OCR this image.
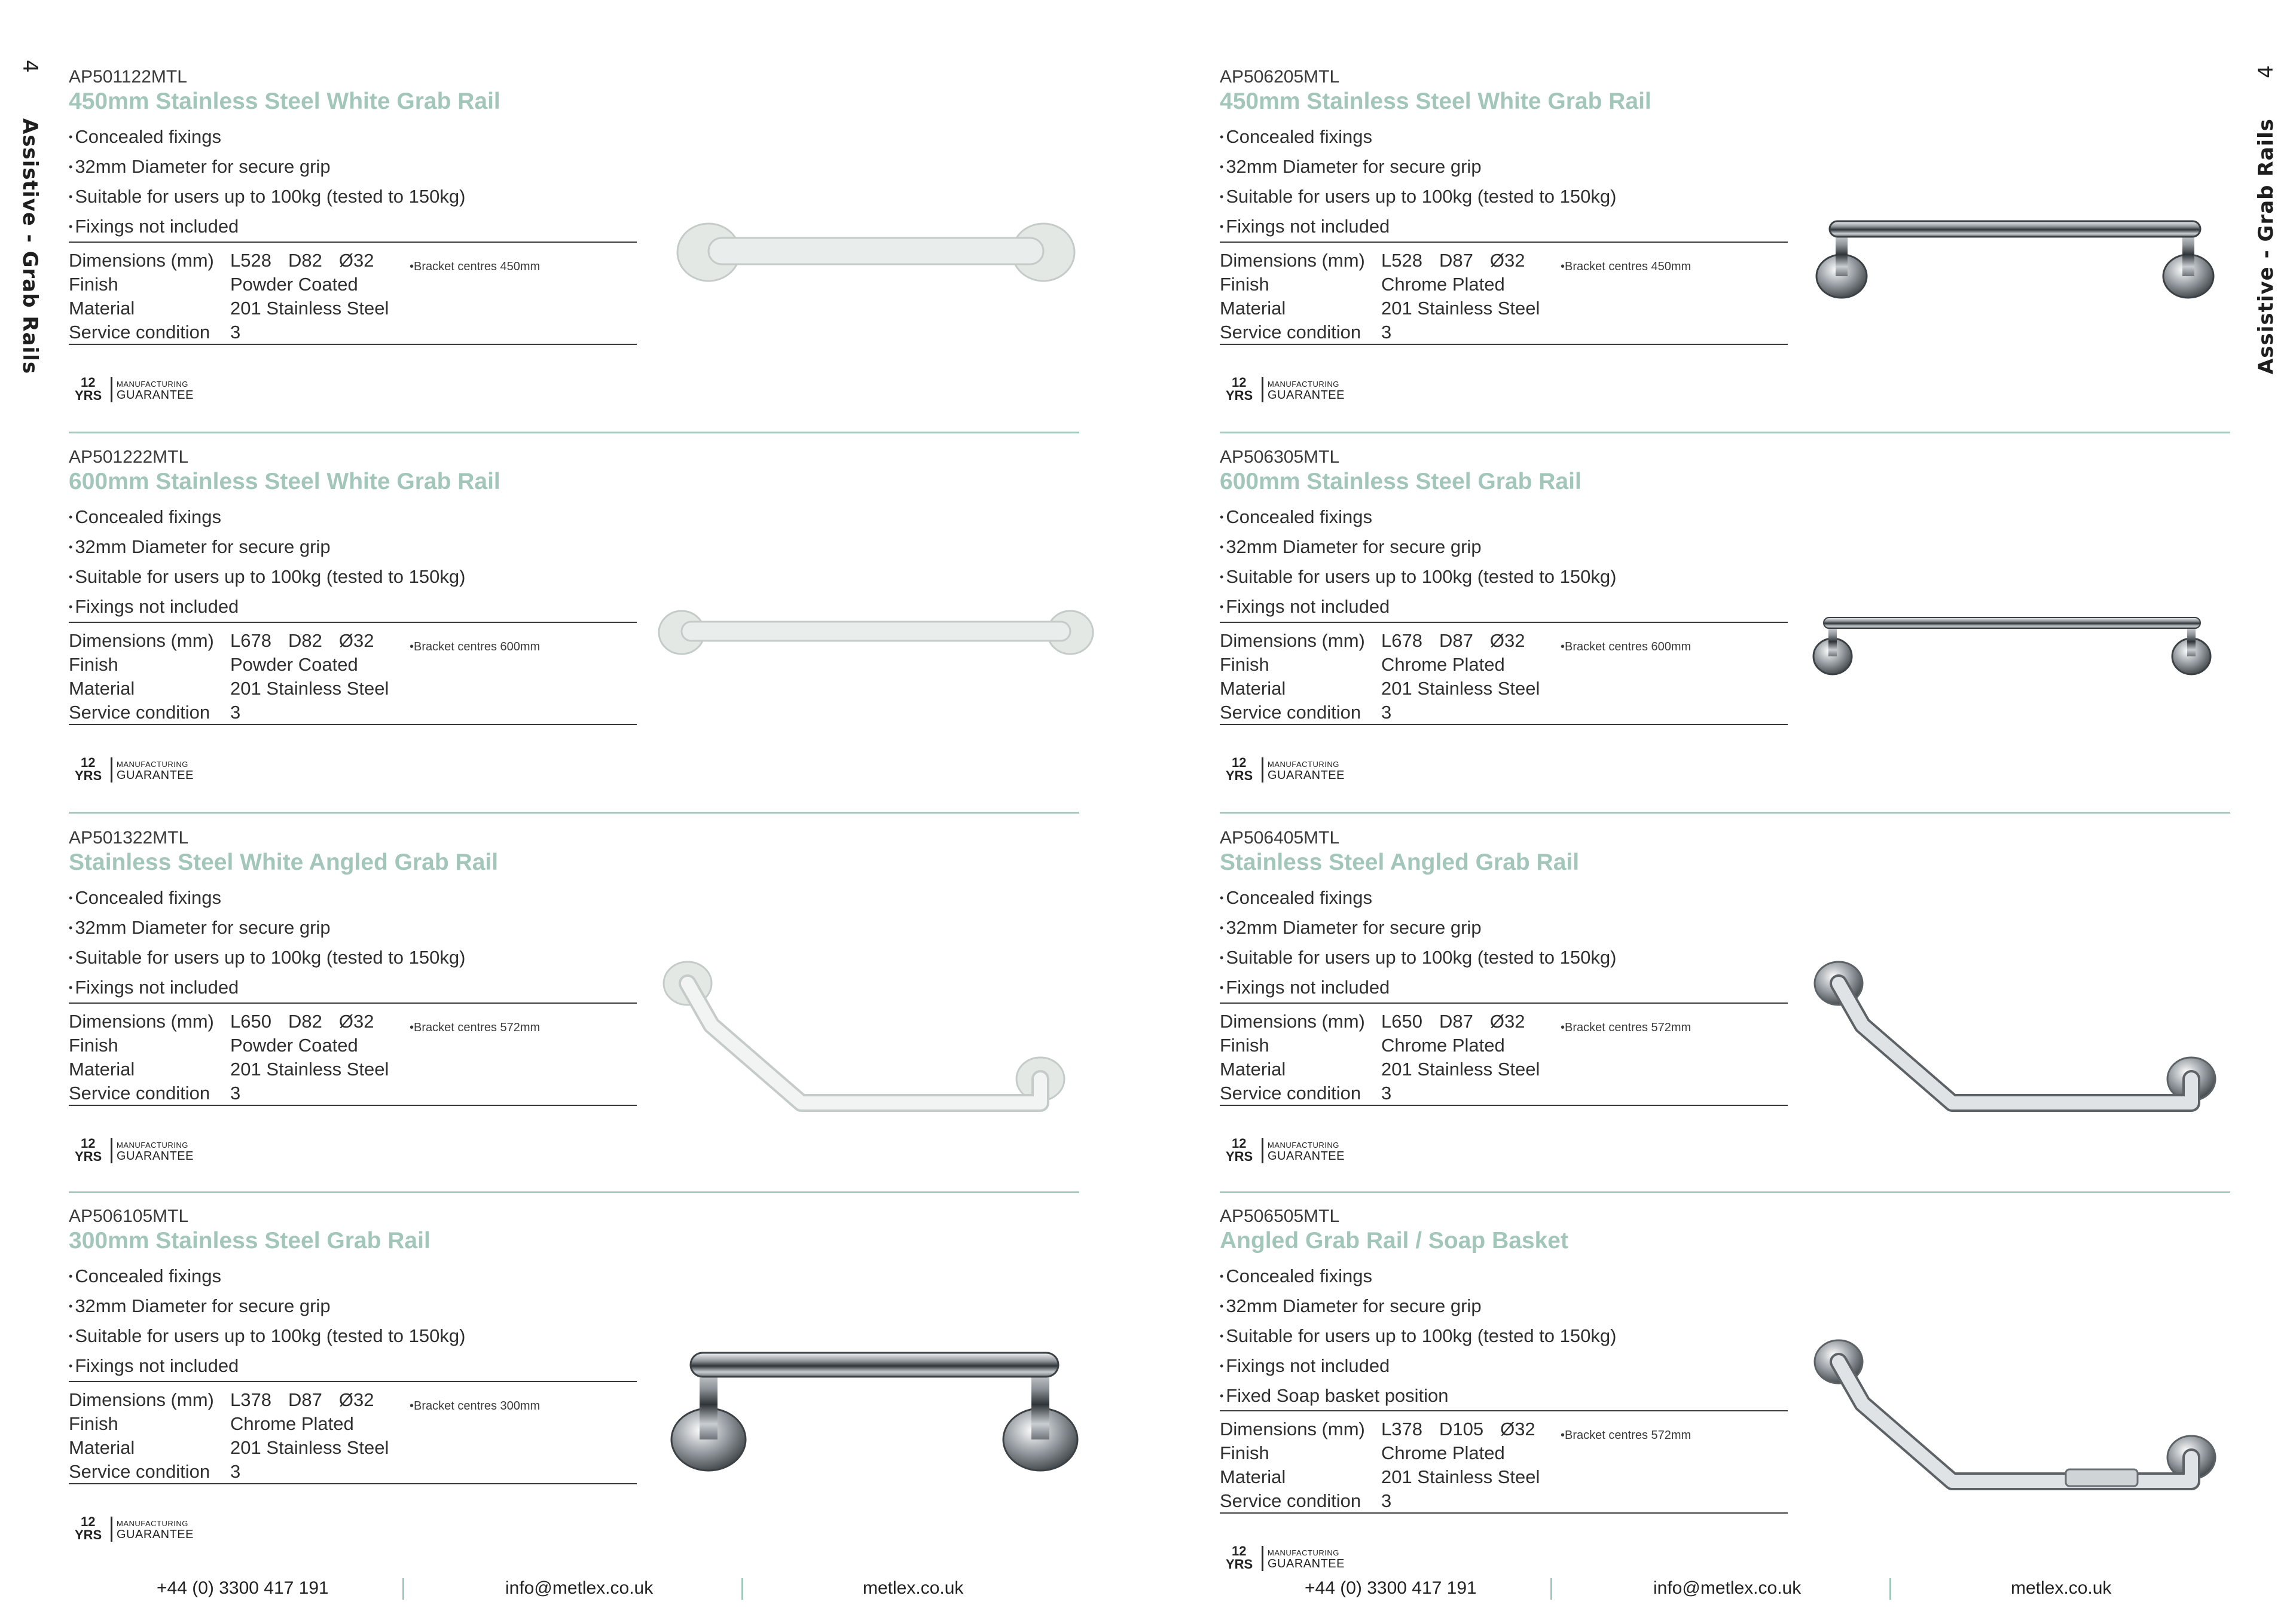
4
Assistive - Grab Rails
4
Assistive - Grab Rails
AP501122MTL
450mm Stainless Steel White Grab Rail
• Concealed fixings
• 32mm Diameter for secure grip
• Suitable for users up to 100kg (tested to 150kg)
• Fixings not included
Dimensions (mm) L528 D82 Ø32	• Bracket centres 450mm
Finish	Powder Coated
Material	201 Stainless Steel
Service condition 3
12
YRS
MANUFACTURING
GUARANTEE
AP501222MTL
600mm Stainless Steel White Grab Rail
• Concealed fixings
• 32mm Diameter for secure grip
• Suitable for users up to 100kg (tested to 150kg)
• Fixings not included
Dimensions (mm) L678 D82 Ø32	• Bracket centres 600mm
Finish	Powder Coated
Material	201 Stainless Steel
Service condition 3
12
YRS
MANUFACTURING
GUARANTEE
AP501322MTL
Stainless Steel White Angled Grab Rail
• Concealed fixings
• 32mm Diameter for secure grip
• Suitable for users up to 100kg (tested to 150kg)
• Fixings not included
Dimensions (mm) L650 D82 Ø32	• Bracket centres 572mm
Finish	Powder Coated
Material	201 Stainless Steel
Service condition 3
12
YRS
MANUFACTURING
GUARANTEE
AP506105MTL
300mm Stainless Steel Grab Rail
• Concealed fixings
• 32mm Diameter for secure grip
• Suitable for users up to 100kg (tested to 150kg)
• Fixings not included
Dimensions (mm) L378 D87 Ø32	• Bracket centres 300mm
Finish	Chrome Plated
Material	201 Stainless Steel
Service condition 3
12
YRS
MANUFACTURING
GUARANTEE
AP506205MTL
450mm Stainless Steel White Grab Rail
• Concealed fixings
• 32mm Diameter for secure grip
• Suitable for users up to 100kg (tested to 150kg)
• Fixings not included
Dimensions (mm) L528 D87 Ø32	• Bracket centres 450mm
Finish	Chrome Plated
Material	201 Stainless Steel
Service condition 3
12
YRS
MANUFACTURING
GUARANTEE
AP506305MTL
600mm Stainless Steel Grab Rail
• Concealed fixings
• 32mm Diameter for secure grip
• Suitable for users up to 100kg (tested to 150kg)
• Fixings not included
Dimensions (mm) L678 D87 Ø32	• Bracket centres 600mm
Finish	Chrome Plated
Material	201 Stainless Steel
Service condition 3
12
YRS
MANUFACTURING
GUARANTEE
AP506405MTL
Stainless Steel Angled Grab Rail
• Concealed fixings
• 32mm Diameter for secure grip
• Suitable for users up to 100kg (tested to 150kg)
• Fixings not included
Dimensions (mm) L650 D87 Ø32	• Bracket centres 572mm
Finish	Chrome Plated
Material	201 Stainless Steel
Service condition 3
12
YRS
MANUFACTURING
GUARANTEE
AP506505MTL
Angled Grab Rail / Soap Basket
• Concealed fixings
• 32mm Diameter for secure grip
• Suitable for users up to 100kg (tested to 150kg)
• Fixings not included
• Fixed Soap basket position
Dimensions (mm) L378 D105 Ø32	• Bracket centres 572mm
Finish	Chrome Plated
Material	201 Stainless Steel
Service condition 3
12
YRS
MANUFACTURING
GUARANTEE
+44 (0) 3300 417 191	info@metlex.co.uk	metlex.co.uk	+44 (0) 3300 417 191	info@metlex.co.uk	metlex.co.uk
